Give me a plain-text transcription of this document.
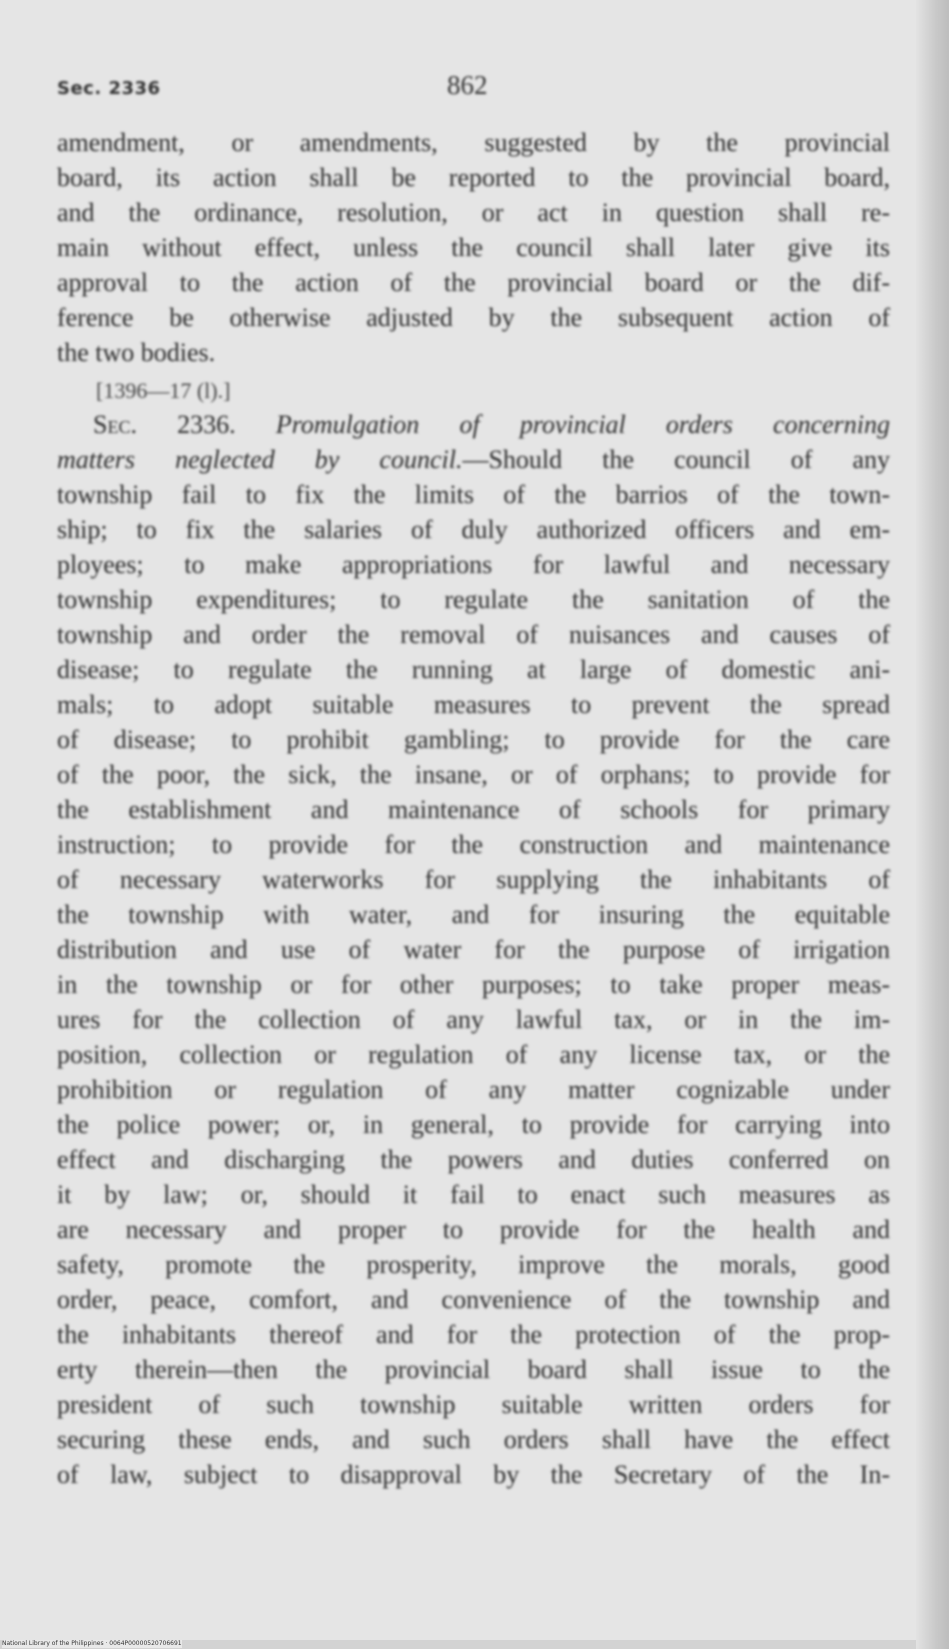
Sec. 2336	862
amendment, or amendments, suggested by the provincial
board, its action shall be reported to the provincial board,
and the ordinance, resolution, or act in question shall re-
main without effect, unless the council shall later give its
approval to the action of the provincial board or the dif-
ference be otherwise adjusted by the subsequent action of
the two bodies.
[1396—17 (l).]
Sec. 2336. Promulgation of provincial orders concerning
matters neglected by council.—Should the council of any
township fail to fix the limits of the barrios of the town-
ship; to fix the salaries of duly authorized officers and em-
ployees; to make appropriations for lawful and necessary
township expenditures; to regulate the sanitation of the
township and order the removal of nuisances and causes of
disease; to regulate the running at large of domestic ani-
mals; to adopt suitable measures to prevent the spread
of disease; to prohibit gambling; to provide for the care
of the poor, the sick, the insane, or of orphans; to provide for
the establishment and maintenance of schools for primary
instruction; to provide for the construction and maintenance
of necessary waterworks for supplying the inhabitants of
the township with water, and for insuring the equitable
distribution and use of water for the purpose of irrigation
in the township or for other purposes; to take proper meas-
ures for the collection of any lawful tax, or in the im-
position, collection or regulation of any license tax, or the
prohibition or regulation of any matter cognizable under
the police power; or, in general, to provide for carrying into
effect and discharging the powers and duties conferred on
it by law; or, should it fail to enact such measures as
are necessary and proper to provide for the health and
safety, promote the prosperity, improve the morals, good
order, peace, comfort, and convenience of the township and
the inhabitants thereof and for the protection of the prop-
erty therein—then the provincial board shall issue to the
president of such township suitable written orders for
securing these ends, and such orders shall have the effect
of law, subject to disapproval by the Secretary of the In-
National Library of the Philippines · 0064P00000520706691
